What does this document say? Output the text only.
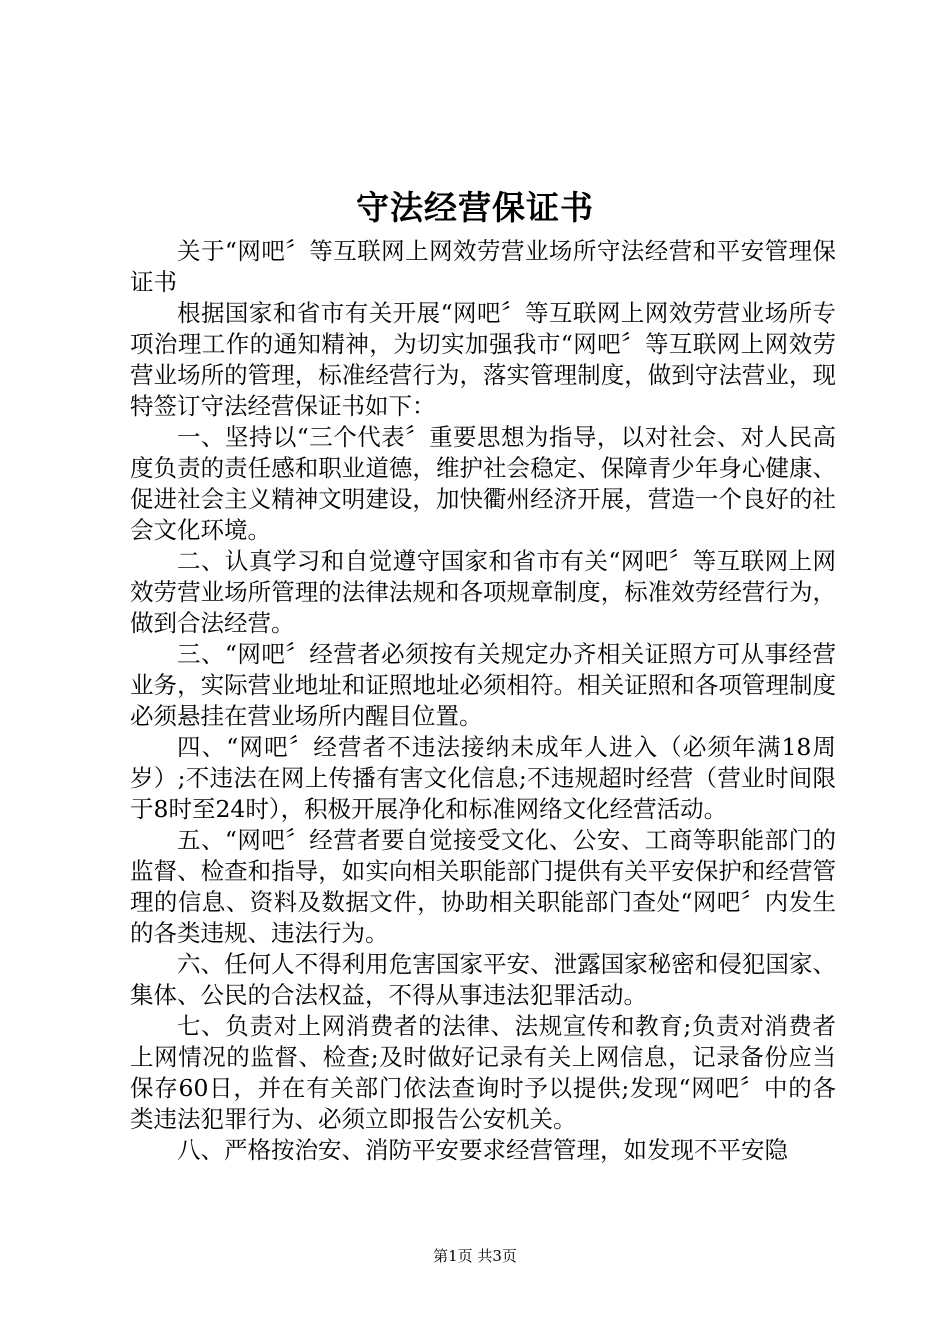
守法经营保证书

关于“网吧〞等互联网上网效劳营业场所守法经营和平安管理保证书

根据国家和省市有关开展“网吧〞等互联网上网效劳营业场所专项治理工作的通知精神，为切实加强我市“网吧〞等互联网上网效劳营业场所的管理，标准经营行为，落实管理制度，做到守法营业，现特签订守法经营保证书如下：

一、坚持以“三个代表〞重要思想为指导，以对社会、对人民高度负责的责任感和职业道德，维护社会稳定、保障青少年身心健康、促进社会主义精神文明建设，加快衢州经济开展，营造一个良好的社会文化环境。

二、认真学习和自觉遵守国家和省市有关“网吧〞等互联网上网效劳营业场所管理的法律法规和各项规章制度，标准效劳经营行为，做到合法经营。

三、“网吧〞经营者必须按有关规定办齐相关证照方可从事经营业务，实际营业地址和证照地址必须相符。相关证照和各项管理制度必须悬挂在营业场所内醒目位置。

四、“网吧〞经营者不违法接纳未成年人进入（必须年满18周岁）;不违法在网上传播有害文化信息;不违规超时经营（营业时间限于8时至24时），积极开展净化和标准网络文化经营活动。

五、“网吧〞经营者要自觉接受文化、公安、工商等职能部门的监督、检查和指导，如实向相关职能部门提供有关平安保护和经营管理的信息、资料及数据文件，协助相关职能部门查处“网吧〞内发生的各类违规、违法行为。

六、任何人不得利用危害国家平安、泄露国家秘密和侵犯国家、集体、公民的合法权益，不得从事违法犯罪活动。

七、负责对上网消费者的法律、法规宣传和教育;负责对消费者上网情况的监督、检查;及时做好记录有关上网信息，记录备份应当保存60日，并在有关部门依法查询时予以提供;发现“网吧〞中的各类违法犯罪行为、必须立即报告公安机关。

八、严格按治安、消防平安要求经营管理，如发现不平安隐

第1页 共3页
